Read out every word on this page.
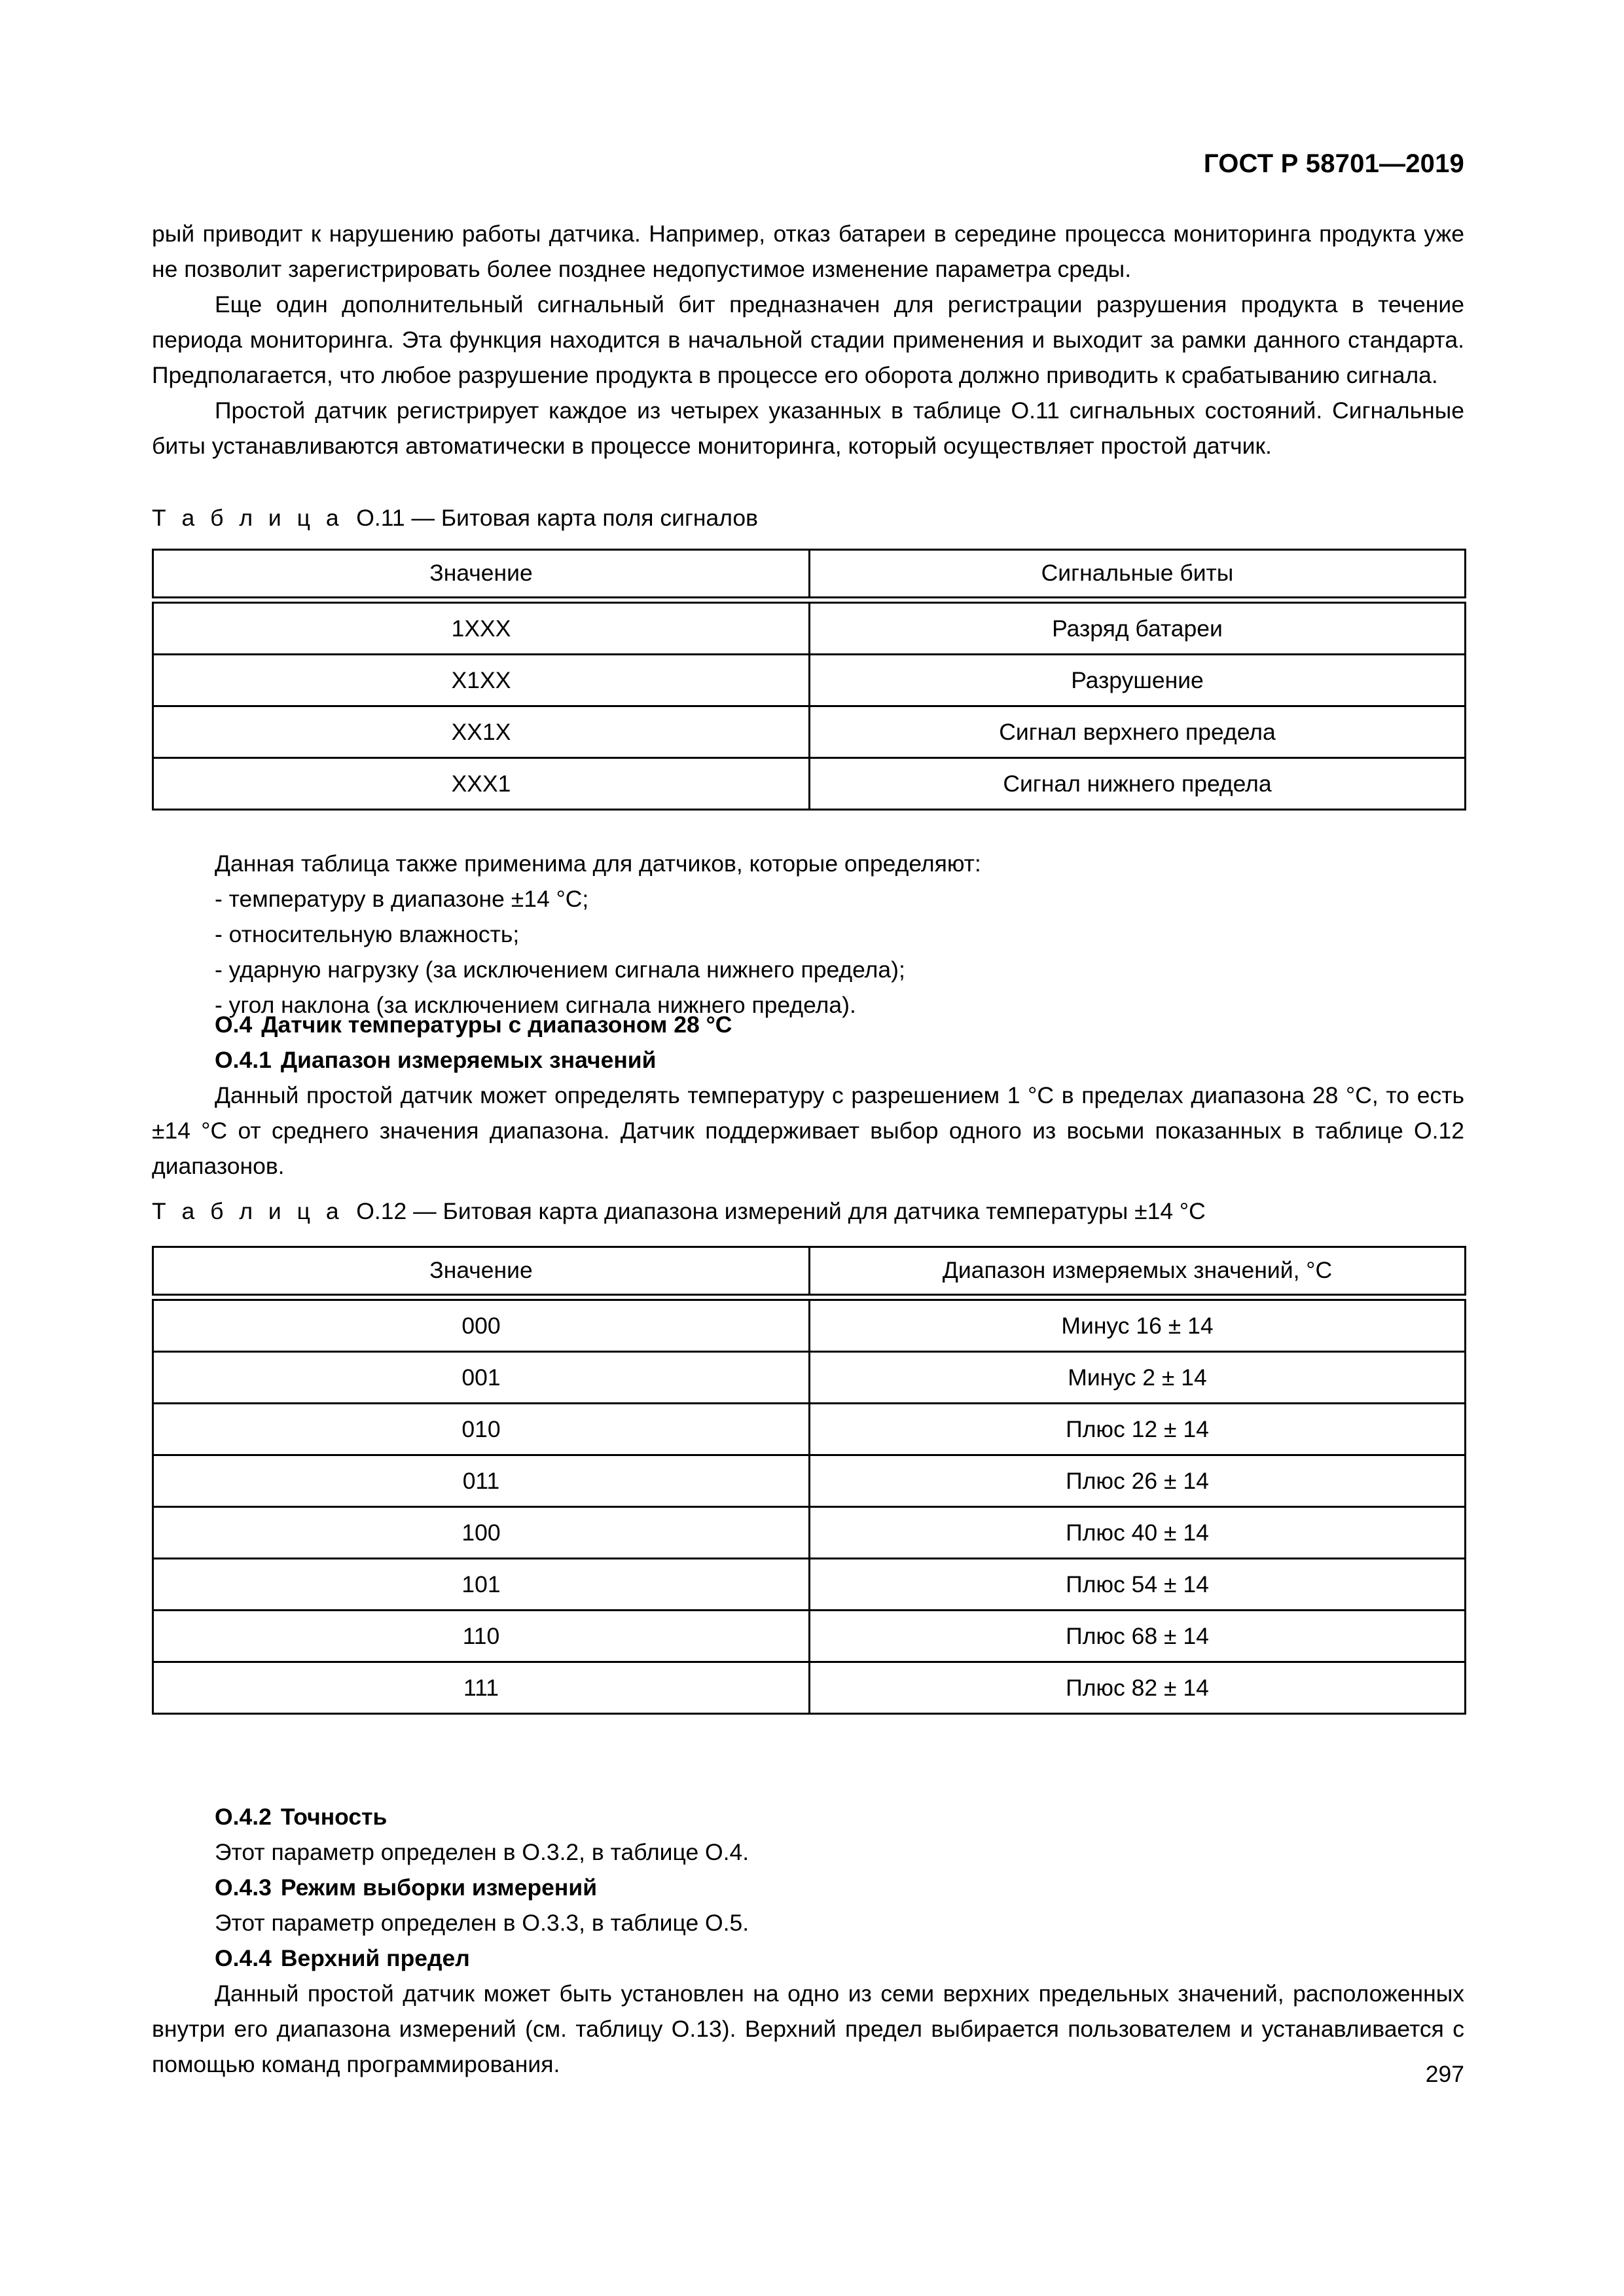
ГОСТ Р 58701—2019

рый приводит к нарушению работы датчика. Например, отказ батареи в середине процесса мониторинга продукта уже не позволит зарегистрировать более позднее недопустимое изменение параметра среды.

Еще один дополнительный сигнальный бит предназначен для регистрации разрушения продукта в течение периода мониторинга. Эта функция находится в начальной стадии применения и выходит за рамки данного стандарта. Предполагается, что любое разрушение продукта в процессе его оборота должно приводить к срабатыванию сигнала.

Простой датчик регистрирует каждое из четырех указанных в таблице О.11 сигнальных состояний. Сигнальные биты устанавливаются автоматически в процессе мониторинга, который осуществляет простой датчик.

Т а б л и ц а О.11 — Битовая карта поля сигналов

Значение	Сигнальные биты

1XXX	Разряд батареи
X1XX	Разрушение
XX1X	Сигнал верхнего предела
XXX1	Сигнал нижнего предела

Данная таблица также применима для датчиков, которые определяют:

- температуру в диапазоне ±14 °C;

- относительную влажность;

- ударную нагрузку (за исключением сигнала нижнего предела);

- угол наклона (за исключением сигнала нижнего предела).

О.4 Датчик температуры с диапазоном 28 °C

О.4.1 Диапазон измеряемых значений

Данный простой датчик может определять температуру с разрешением 1 °C в пределах диапазона 28 °C, то есть ±14 °C от среднего значения диапазона. Датчик поддерживает выбор одного из восьми показанных в таблице О.12 диапазонов.

Т а б л и ц а О.12 — Битовая карта диапазона измерений для датчика температуры ±14 °C

Значение	Диапазон измеряемых значений, °C

000	Минус 16 ± 14
001	Минус 2 ± 14
010	Плюс 12 ± 14
011	Плюс 26 ± 14
100	Плюс 40 ± 14
101	Плюс 54 ± 14
110	Плюс 68 ± 14
111	Плюс 82 ± 14

О.4.2 Точность

Этот параметр определен в О.3.2, в таблице О.4.

О.4.3 Режим выборки измерений

Этот параметр определен в О.3.3, в таблице О.5.

О.4.4 Верхний предел

Данный простой датчик может быть установлен на одно из семи верхних предельных значений, расположенных внутри его диапазона измерений (см. таблицу О.13). Верхний предел выбирается пользователем и устанавливается с помощью команд программирования.	297
